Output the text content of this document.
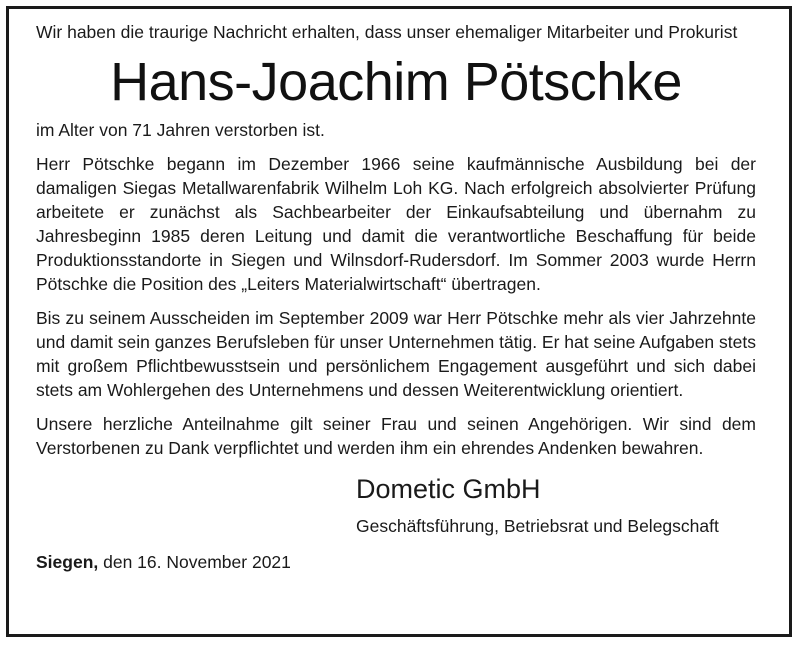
Wir haben die traurige Nachricht erhalten, dass unser ehemaliger Mitarbeiter und Prokurist

Hans-Joachim Pötschke

im Alter von 71 Jahren verstorben ist.

Herr Pötschke begann im Dezember 1966 seine kaufmännische Ausbildung bei der damaligen Siegas Metallwarenfabrik Wilhelm Loh KG. Nach erfolgreich absolvierter Prüfung arbeitete er zunächst als Sachbearbeiter der Einkaufsabteilung und übernahm zu Jahresbeginn 1985 deren Leitung und damit die verantwortliche Beschaffung für beide Produktionsstandorte in Siegen und Wilnsdorf-Rudersdorf. Im Sommer 2003 wurde Herrn Pötschke die Position des „Leiters Materialwirtschaft“ übertragen.

Bis zu seinem Ausscheiden im September 2009 war Herr Pötschke mehr als vier Jahrzehnte und damit sein ganzes Berufsleben für unser Unternehmen tätig. Er hat seine Aufgaben stets mit großem Pflichtbewusstsein und persönlichem Engagement ausgeführt und sich dabei stets am Wohlergehen des Unternehmens und dessen Weiterentwicklung orientiert.

Unsere herzliche Anteilnahme gilt seiner Frau und seinen Angehörigen. Wir sind dem Verstorbenen zu Dank verpflichtet und werden ihm ein ehrendes Andenken bewahren.

Dometic GmbH
Geschäftsführung, Betriebsrat und Belegschaft
Siegen, den 16. November 2021
